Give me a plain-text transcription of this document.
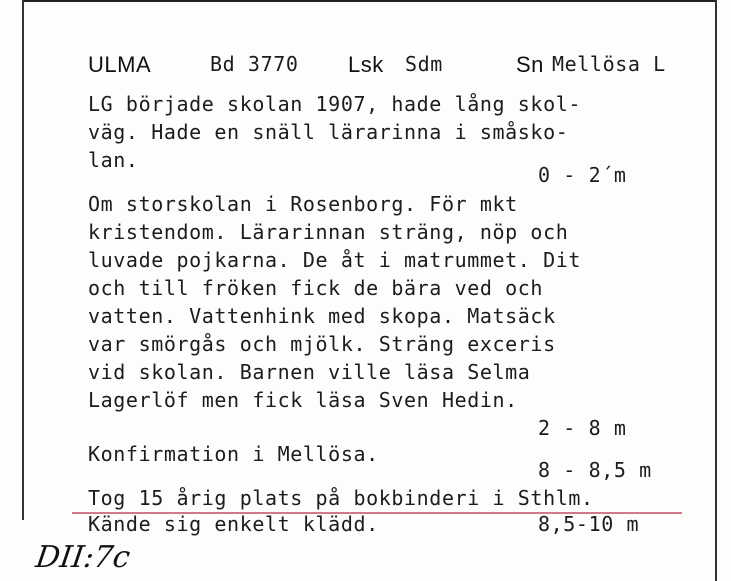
ULMA	Bd 3770 Lsk Sdm	Sn Mellösa L
LG började skolan 1907, hade lång skol-
väg. Hade en snäll lärarinna i småsko-
lan.
0 - 2´m
Om storskolan i Rosenborg. För mkt
kristendom. Lärarinnan sträng, nöp och
luvade pojkarna. De åt i matrummet. Dit
och till fröken fick de bära ved och
vatten. Vattenhink med skopa. Matsäck
var smörgås och mjölk. Sträng exceris
vid skolan. Barnen ville läsa Selma
Lagerlöf men fick läsa Sven Hedin.
2 - 8 m
Konfirmation i Mellösa.
8 - 8,5 m
Tog 15 årig plats på bokbinderi i Sthlm.
Kände sig enkelt klädd.	8,5-10 m
DII:7c
